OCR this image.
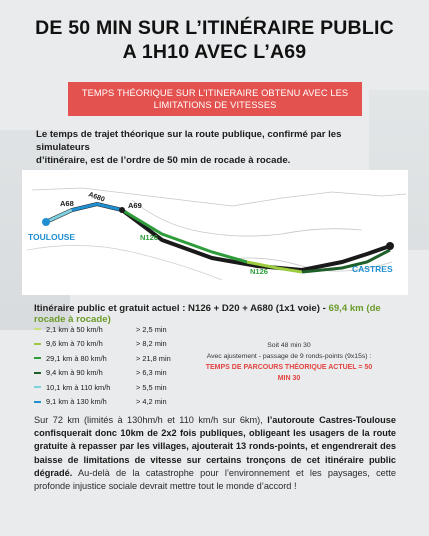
DE 50 MIN SUR L’ITINÉRAIRE PUBLIC
A 1H10 AVEC L’A69
TEMPS THÉORIQUE SUR L’ITINERAIRE OBTENU AVEC LES
LIMITATIONS DE VITESSES
Le temps de trajet théorique sur la route publique, confirmé par les simulateurs
d’itinéraire, est de l’ordre de 50 min de rocade à rocade.
TOULOUSE
CASTRES
A68 A680
A69
N126
N126
Itinéraire public et gratuit actuel : N126 + D20 + A680 (1x1 voie) - 69,4 km (de rocade à rocade)
2,1 km à 50 km/h	> 2,5 min
9,6 km à 70 km/h	> 8,2 min
29,1 km à 80 km/h	> 21,8 min
9,4 km à 90 km/h	> 6,3 min
10,1 km à 110 km/h	> 5,5 min
9,1 km à 130 km/h	> 4,2 min
Soit 48 min 30
Avec ajustement - passage de 9 ronds-points (9x15s) :
TEMPS DE PARCOURS THÉORIQUE ACTUEL = 50 MIN 30
Sur 72 km (limités à 130hm/h et 110 km/h sur 6km), l’autoroute Castres-Toulouse confisquerait donc 10km de 2x2 fois publiques, obligeant les usagers de la route gratuite à repasser par les villages, ajouterait 13 ronds-points, et engendrerait des baisse de limitations de vitesse sur certains tronçons de cet itinéraire public dégradé. Au-delà de la catastrophe pour l’environnement et les paysages, cette profonde injustice sociale devrait mettre tout le monde d’accord !
